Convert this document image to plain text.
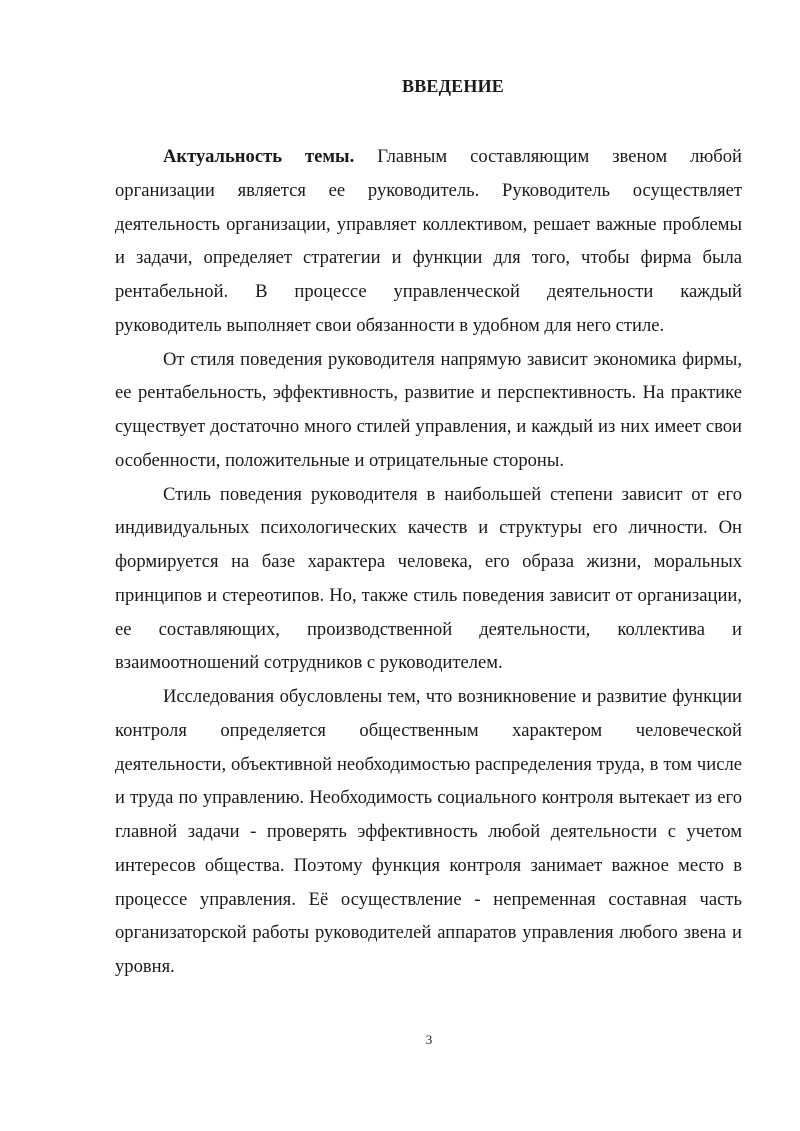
ВВЕДЕНИЕ

Актуальность темы. Главным составляющим звеном любой организации является ее руководитель. Руководитель осуществляет деятельность организации, управляет коллективом, решает важные проблемы и задачи, определяет стратегии и функции для того, чтобы фирма была рентабельной. В процессе управленческой деятельности каждый руководитель выполняет свои обязанности в удобном для него стиле.

От стиля поведения руководителя напрямую зависит экономика фирмы, ее рентабельность, эффективность, развитие и перспективность. На практике существует достаточно много стилей управления, и каждый из них имеет свои особенности, положительные и отрицательные стороны.

Стиль поведения руководителя в наибольшей степени зависит от его индивидуальных психологических качеств и структуры его личности. Он формируется на базе характера человека, его образа жизни, моральных принципов и стереотипов. Но, также стиль поведения зависит от организации, ее составляющих, производственной деятельности, коллектива и взаимоотношений сотрудников с руководителем.

Исследования обусловлены тем, что возникновение и развитие функции контроля определяется общественным характером человеческой деятельности, объективной необходимостью распределения труда, в том числе и труда по управлению. Необходимость социального контроля вытекает из его главной задачи - проверять эффективность любой деятельности с учетом интересов общества. Поэтому функция контроля занимает важное место в процессе управления. Её осуществление - непременная составная часть организаторской работы руководителей аппаратов управления любого звена и уровня.

3
